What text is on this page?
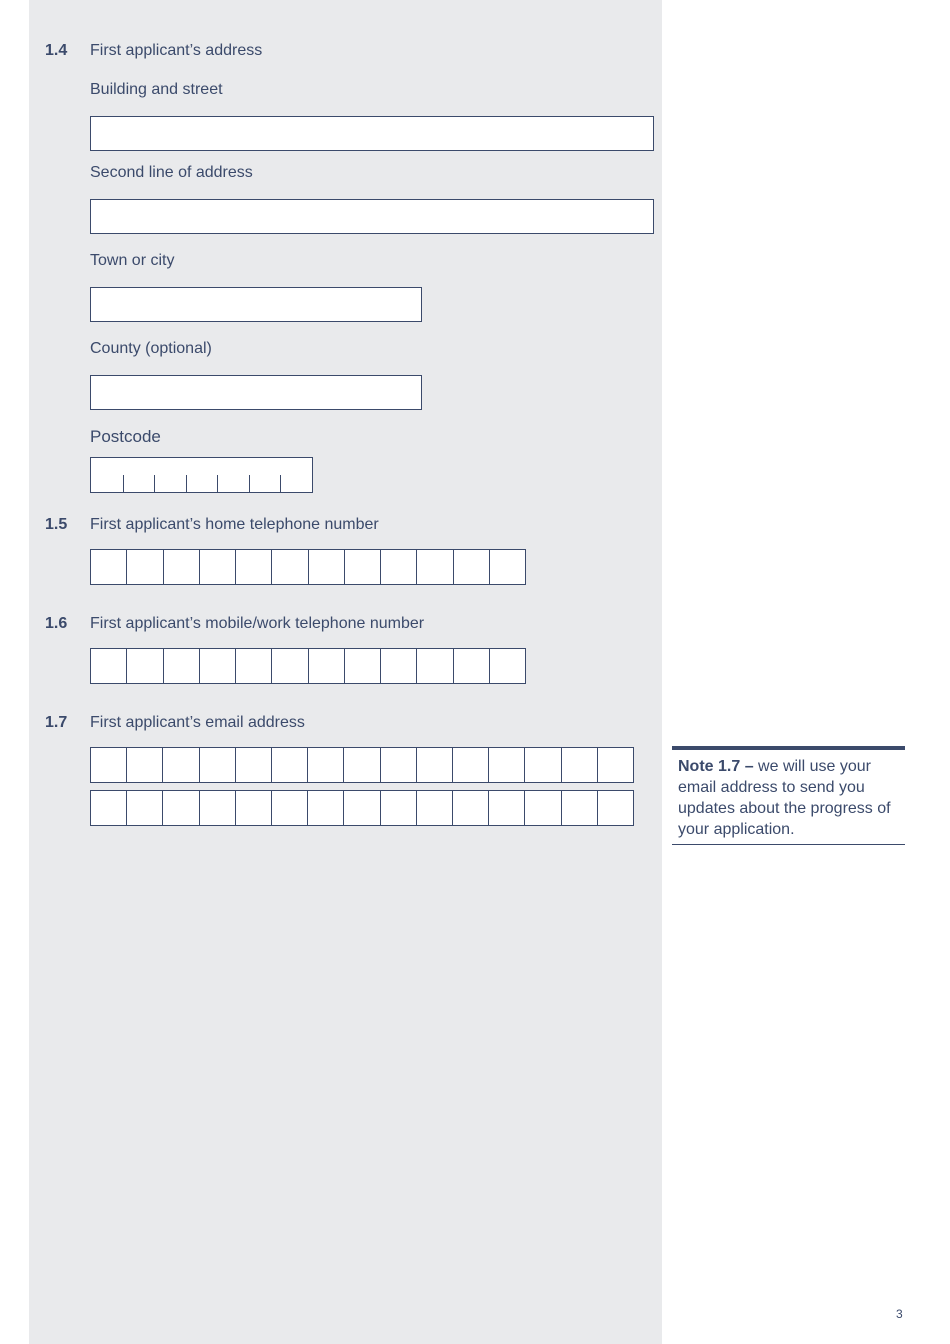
1.4 First applicant’s address
Building and street
Second line of address
Town or city
County (optional)
Postcode
1.5 First applicant’s home telephone number
1.6 First applicant’s mobile/work telephone number
1.7 First applicant’s email address
Note 1.7 – we will use your email address to send you updates about the progress of your application.
3
